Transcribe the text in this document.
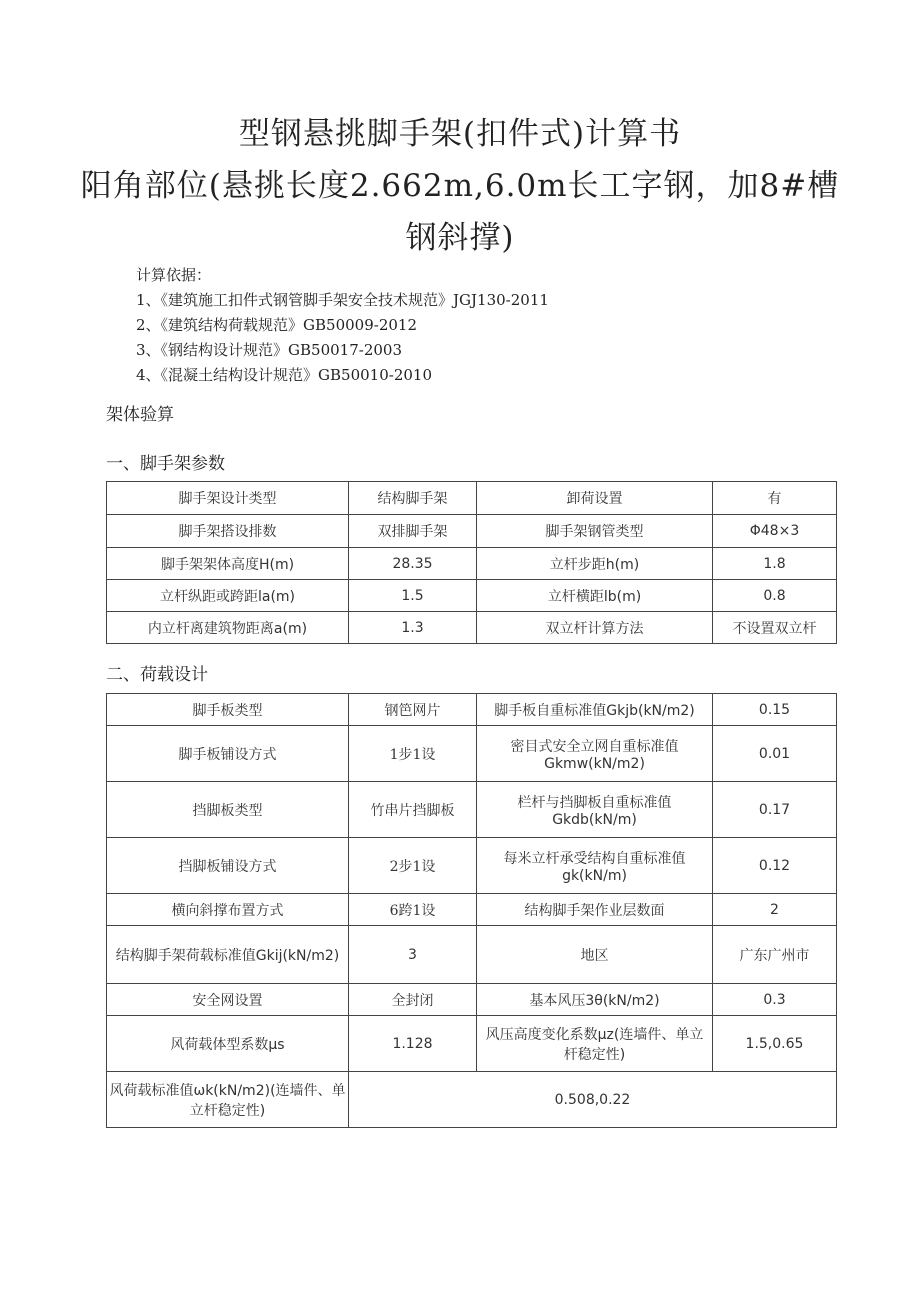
型钢悬挑脚手架(扣件式)计算书
阳角部位(悬挑长度2.662m,6.0m长工字钢，加8#槽
钢斜撑)
计算依据：
1、《建筑施工扣件式钢管脚手架安全技术规范》JGJ130-2011
2、《建筑结构荷载规范》GB50009-2012
3、《钢结构设计规范》GB50017-2003
4、《混凝土结构设计规范》GB50010-2010
架体验算
一、脚手架参数
脚手架设计类型	结构脚手架	卸荷设置	有
脚手架搭设排数	双排脚手架	脚手架钢管类型	Φ48×3
脚手架架体高度H(m)	28.35	立杆步距h(m)	1.8
立杆纵距或跨距la(m)	1.5	立杆横距lb(m)	0.8
内立杆离建筑物距离a(m)	1.3	双立杆计算方法	不设置双立杆
二、荷载设计
脚手板类型	钢笆网片	脚手板自重标准值Gkjb(kN/m2)	0.15
脚手板铺设方式	1步1设	密目式安全立网自重标准值Gkmw(kN/m2)	0.01
挡脚板类型	竹串片挡脚板	栏杆与挡脚板自重标准值Gkdb(kN/m)	0.17
挡脚板铺设方式	2步1设	每米立杆承受结构自重标准值gk(kN/m)	0.12
横向斜撑布置方式	6跨1设	结构脚手架作业层数面	2
结构脚手架荷载标准值Gkij(kN/m2)	3	地区	广东广州市
安全网设置	全封闭	基本风压3θ(kN/m2)	0.3
风荷载体型系数μs	1.128	风压高度变化系数μz(连墙件、单立杆稳定性)	1.5,0.65
风荷载标准值ωk(kN/m2)(连墙件、单立杆稳定性)	0.508,0.22		
